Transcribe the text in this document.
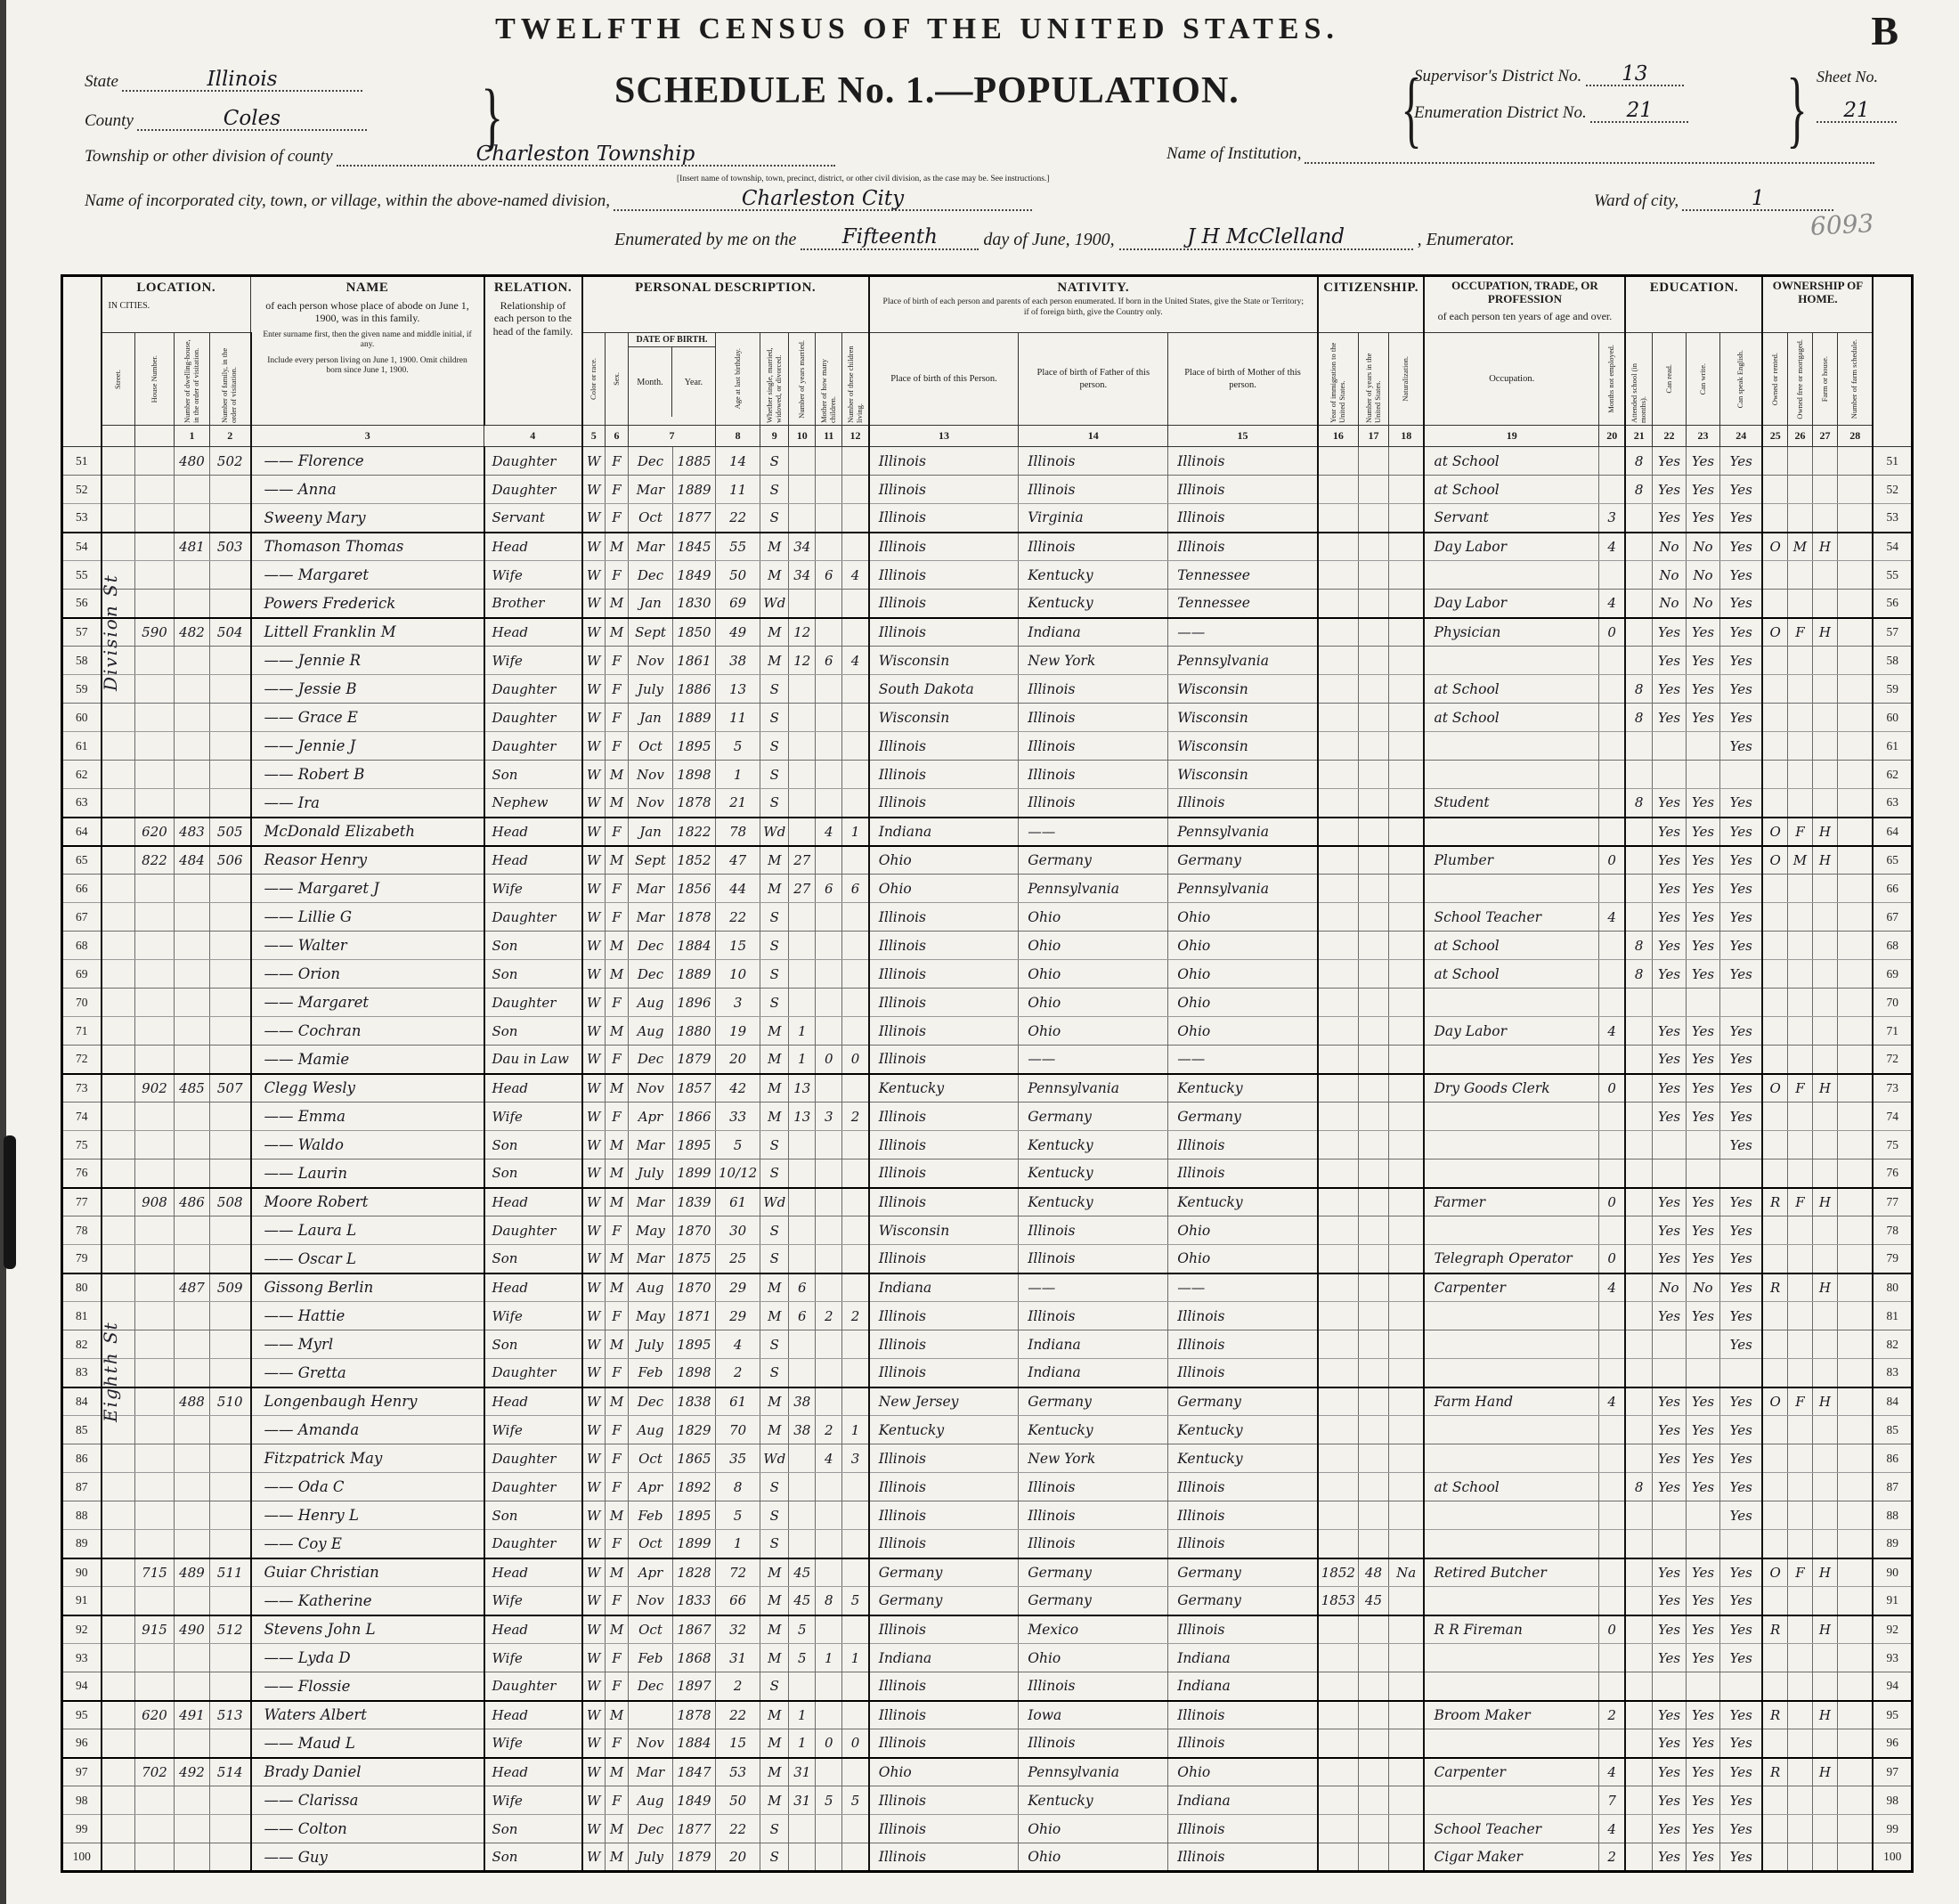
TWELFTH CENSUS OF THE UNITED STATES.	B
State	Illinois
County	Coles	}	SCHEDULE No. 1.—POPULATION. {
Supervisor's District No. 13
Enumeration District No. 21	} Sheet No.
21
Township or other division of county	Charleston Township
[Insert name of township, town, precinct, district, or other civil division, as the case may be. See instructions.]
Name of Institution,
Name of incorporated city, town, or village, within the above-named division,	Charleston City	Ward of city,	1
Enumerated by me on the Fifteenth	day of June, 1900,	J H McClelland	, Enumerator.	6093

LOCATION.
IN CITIES.

NAME
of each person whose place of abode on June 1, 1900, was in this family.
Enter surname first, then the given name and middle initial, if any.
Include every person living on June 1, 1900. Omit children born since June 1, 1900.

RELATION.
Relationship of each person to the head of the family.

PERSONAL DESCRIPTION.	NATIVITY.
Place of birth of each person and parents of each person enumerated. If born in the United States, give the State or Territory; if of foreign birth, give the Country only.

CITIZENSHIP.	OCCUPATION, TRADE, OR PROFESSION
of each person ten years of age and over.

EDUCATION.	OWNERSHIP OF HOME.

	Street.	House Number.	Number of dwelling-house, in the order of visitation.	Number of family, in the order of visitation.			Color or race.	Sex.	DATE OF BIRTH.
Month. Year.		Age at last birthday.	Whether single, married, widowed, or divorced.	Number of years married.	Mother of how many children.	Number of these children living.	Place of birth of this Person.	Place of birth of Father of this person.	Place of birth of Mother of this person.	Year of immigration to the United States.	Number of years in the United States.	Naturalization.	Occupation.	Months not employed.	Attended school (in months).	Can read.	Can write.	Can speak English.	Owned or rented.	Owned free or mortgaged.	Farm or house.	Number of farm schedule.	

			1	2	3	4	5	6	7		8	9	10	11	12	13	14	15	16	17	18	19	20	21	22	23	24	25	26	27	28	
51			480	502	—— Florence	Daughter	W	F	Dec	1885	14	S				Illinois	Illinois	Illinois				at School		8	Yes	Yes	Yes					51
52					—— Anna	Daughter	W	F	Mar	1889	11	S				Illinois	Illinois	Illinois				at School		8	Yes	Yes	Yes					52
53					Sweeny Mary	Servant	W	F	Oct	1877	22	S				Illinois	Virginia	Illinois				Servant	3		Yes	Yes	Yes					53
54			481	503	Thomason Thomas	Head	W	M	Mar	1845	55	M	34			Illinois	Illinois	Illinois				Day Labor	4		No	No	Yes	O	M	H		54
55					—— Margaret	Wife	W	F	Dec	1849	50	M	34	6	4	Illinois	Kentucky	Tennessee							No	No	Yes					55
56					Powers Frederick	Brother	W	M	Jan	1830	69	Wd				Illinois	Kentucky	Tennessee				Day Labor	4		No	No	Yes					56
57		590	482	504	Littell Franklin M	Head	W	M	Sept	1850	49	M	12			Illinois	Indiana	——				Physician	0		Yes	Yes	Yes	O	F	H		57
58					—— Jennie R	Wife	W	F	Nov	1861	38	M	12	6	4	Wisconsin	New York	Pennsylvania							Yes	Yes	Yes					58
59					—— Jessie B	Daughter	W	F	July	1886	13	S				South Dakota	Illinois	Wisconsin				at School		8	Yes	Yes	Yes					59
60					—— Grace E	Daughter	W	F	Jan	1889	11	S				Wisconsin	Illinois	Wisconsin				at School		8	Yes	Yes	Yes					60
61					—— Jennie J	Daughter	W	F	Oct	1895	5	S				Illinois	Illinois	Wisconsin									Yes					61
62					—— Robert B	Son	W	M	Nov	1898	1	S				Illinois	Illinois	Wisconsin														62
63					—— Ira	Nephew	W	M	Nov	1878	21	S				Illinois	Illinois	Illinois				Student		8	Yes	Yes	Yes					63
64		620	483	505	McDonald Elizabeth	Head	W	F	Jan	1822	78	Wd		4	1	Indiana	——	Pennsylvania							Yes	Yes	Yes	O	F	H		64
65		822	484	506	Reasor Henry	Head	W	M	Sept	1852	47	M	27			Ohio	Germany	Germany				Plumber	0		Yes	Yes	Yes	O	M	H		65
66					—— Margaret J	Wife	W	F	Mar	1856	44	M	27	6	6	Ohio	Pennsylvania	Pennsylvania							Yes	Yes	Yes					66
67					—— Lillie G	Daughter	W	F	Mar	1878	22	S				Illinois	Ohio	Ohio				School Teacher	4		Yes	Yes	Yes					67
68					—— Walter	Son	W	M	Dec	1884	15	S				Illinois	Ohio	Ohio				at School		8	Yes	Yes	Yes					68
69					—— Orion	Son	W	M	Dec	1889	10	S				Illinois	Ohio	Ohio				at School		8	Yes	Yes	Yes					69
70					—— Margaret	Daughter	W	F	Aug	1896	3	S				Illinois	Ohio	Ohio														70
71					—— Cochran	Son	W	M	Aug	1880	19	M	1			Illinois	Ohio	Ohio				Day Labor	4		Yes	Yes	Yes					71
72					—— Mamie	Dau in Law	W	F	Dec	1879	20	M	1	0	0	Illinois	——	——							Yes	Yes	Yes					72
73		902	485	507	Clegg Wesly	Head	W	M	Nov	1857	42	M	13			Kentucky	Pennsylvania	Kentucky				Dry Goods Clerk	0		Yes	Yes	Yes	O	F	H		73
74					—— Emma	Wife	W	F	Apr	1866	33	M	13	3	2	Illinois	Germany	Germany							Yes	Yes	Yes					74
75					—— Waldo	Son	W	M	Mar	1895	5	S				Illinois	Kentucky	Illinois									Yes					75
76					—— Laurin	Son	W	M	July	1899	10/12	S				Illinois	Kentucky	Illinois														76
77		908	486	508	Moore Robert	Head	W	M	Mar	1839	61	Wd				Illinois	Kentucky	Kentucky				Farmer	0		Yes	Yes	Yes	R	F	H		77
78					—— Laura L	Daughter	W	F	May	1870	30	S				Wisconsin	Illinois	Ohio							Yes	Yes	Yes					78
79					—— Oscar L	Son	W	M	Mar	1875	25	S				Illinois	Illinois	Ohio				Telegraph Operator	0		Yes	Yes	Yes					79
80			487	509	Gissong Berlin	Head	W	M	Aug	1870	29	M	6			Indiana	——	——				Carpenter	4		No	No	Yes	R		H		80
81					—— Hattie	Wife	W	F	May	1871	29	M	6	2	2	Illinois	Illinois	Illinois							Yes	Yes	Yes					81
82					—— Myrl	Son	W	M	July	1895	4	S				Illinois	Indiana	Illinois									Yes					82
83					—— Gretta	Daughter	W	F	Feb	1898	2	S				Illinois	Indiana	Illinois														83
84			488	510	Longenbaugh Henry	Head	W	M	Dec	1838	61	M	38			New Jersey	Germany	Germany				Farm Hand	4		Yes	Yes	Yes	O	F	H		84
85					—— Amanda	Wife	W	F	Aug	1829	70	M	38	2	1	Kentucky	Kentucky	Kentucky							Yes	Yes	Yes					85
86					Fitzpatrick May	Daughter	W	F	Oct	1865	35	Wd		4	3	Illinois	New York	Kentucky							Yes	Yes	Yes					86
87					—— Oda C	Daughter	W	F	Apr	1892	8	S				Illinois	Illinois	Illinois				at School		8	Yes	Yes	Yes					87
88					—— Henry L	Son	W	M	Feb	1895	5	S				Illinois	Illinois	Illinois									Yes					88
89					—— Coy E	Daughter	W	F	Oct	1899	1	S				Illinois	Illinois	Illinois														89
90		715	489	511	Guiar Christian	Head	W	M	Apr	1828	72	M	45			Germany	Germany	Germany	1852	48	Na	Retired Butcher			Yes	Yes	Yes	O	F	H		90
91					—— Katherine	Wife	W	F	Nov	1833	66	M	45	8	5	Germany	Germany	Germany	1853	45					Yes	Yes	Yes					91
92		915	490	512	Stevens John L	Head	W	M	Oct	1867	32	M	5			Illinois	Mexico	Illinois				R R Fireman	0		Yes	Yes	Yes	R		H		92
93					—— Lyda D	Wife	W	F	Feb	1868	31	M	5	1	1	Indiana	Ohio	Indiana							Yes	Yes	Yes					93
94					—— Flossie	Daughter	W	F	Dec	1897	2	S				Illinois	Illinois	Indiana														94
95		620	491	513	Waters Albert	Head	W	M		1878	22	M	1			Illinois	Iowa	Illinois				Broom Maker	2		Yes	Yes	Yes	R		H		95
96					—— Maud L	Wife	W	F	Nov	1884	15	M	1	0	0	Illinois	Illinois	Illinois							Yes	Yes	Yes					96
97		702	492	514	Brady Daniel	Head	W	M	Mar	1847	53	M	31			Ohio	Pennsylvania	Ohio				Carpenter	4		Yes	Yes	Yes	R		H		97
98					—— Clarissa	Wife	W	F	Aug	1849	50	M	31	5	5	Illinois	Kentucky	Indiana					7		Yes	Yes	Yes					98
99					—— Colton	Son	W	M	Dec	1877	22	S				Illinois	Ohio	Illinois				School Teacher	4		Yes	Yes	Yes					99
100					—— Guy	Son	W	M	July	1879	20	S				Illinois	Ohio	Illinois				Cigar Maker	2		Yes	Yes	Yes					100
Division St
Eighth St
